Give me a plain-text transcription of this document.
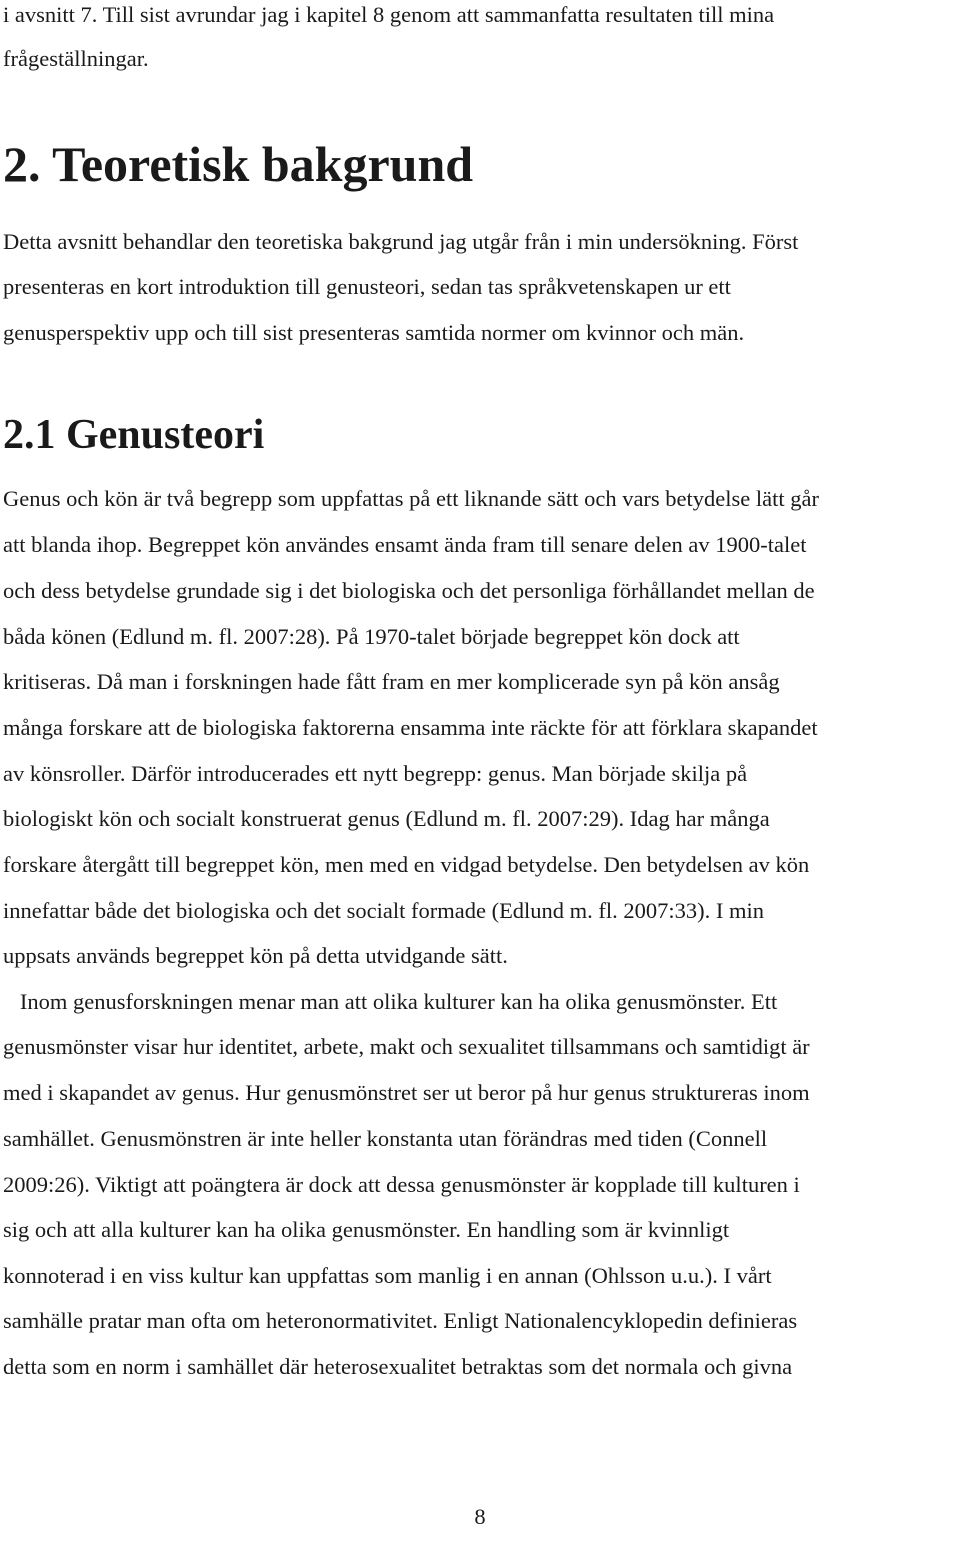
i avsnitt 7. Till sist avrundar jag i kapitel 8 genom att sammanfatta resultaten till mina
frågeställningar.
2. Teoretisk bakgrund
Detta avsnitt behandlar den teoretiska bakgrund jag utgår från i min undersökning. Först
presenteras en kort introduktion till genusteori, sedan tas språkvetenskapen ur ett
genusperspektiv upp och till sist presenteras samtida normer om kvinnor och män.
2.1 Genusteori
Genus och kön är två begrepp som uppfattas på ett liknande sätt och vars betydelse lätt går
att blanda ihop. Begreppet kön användes ensamt ända fram till senare delen av 1900-talet
och dess betydelse grundade sig i det biologiska och det personliga förhållandet mellan de
båda könen (Edlund m. fl. 2007:28). På 1970-talet började begreppet kön dock att
kritiseras. Då man i forskningen hade fått fram en mer komplicerade syn på kön ansåg
många forskare att de biologiska faktorerna ensamma inte räckte för att förklara skapandet
av könsroller. Därför introducerades ett nytt begrepp: genus. Man började skilja på
biologiskt kön och socialt konstruerat genus (Edlund m. fl. 2007:29). Idag har många
forskare återgått till begreppet kön, men med en vidgad betydelse. Den betydelsen av kön
innefattar både det biologiska och det socialt formade (Edlund m. fl. 2007:33). I min
uppsats används begreppet kön på detta utvidgande sätt.
Inom genusforskningen menar man att olika kulturer kan ha olika genusmönster. Ett
genusmönster visar hur identitet, arbete, makt och sexualitet tillsammans och samtidigt är
med i skapandet av genus. Hur genusmönstret ser ut beror på hur genus struktureras inom
samhället. Genusmönstren är inte heller konstanta utan förändras med tiden (Connell
2009:26). Viktigt att poängtera är dock att dessa genusmönster är kopplade till kulturen i
sig och att alla kulturer kan ha olika genusmönster. En handling som är kvinnligt
konnoterad i en viss kultur kan uppfattas som manlig i en annan (Ohlsson u.u.). I vårt
samhälle pratar man ofta om heteronormativitet. Enligt Nationalencyklopedin definieras
detta som en norm i samhället där heterosexualitet betraktas som det normala och givna
8
